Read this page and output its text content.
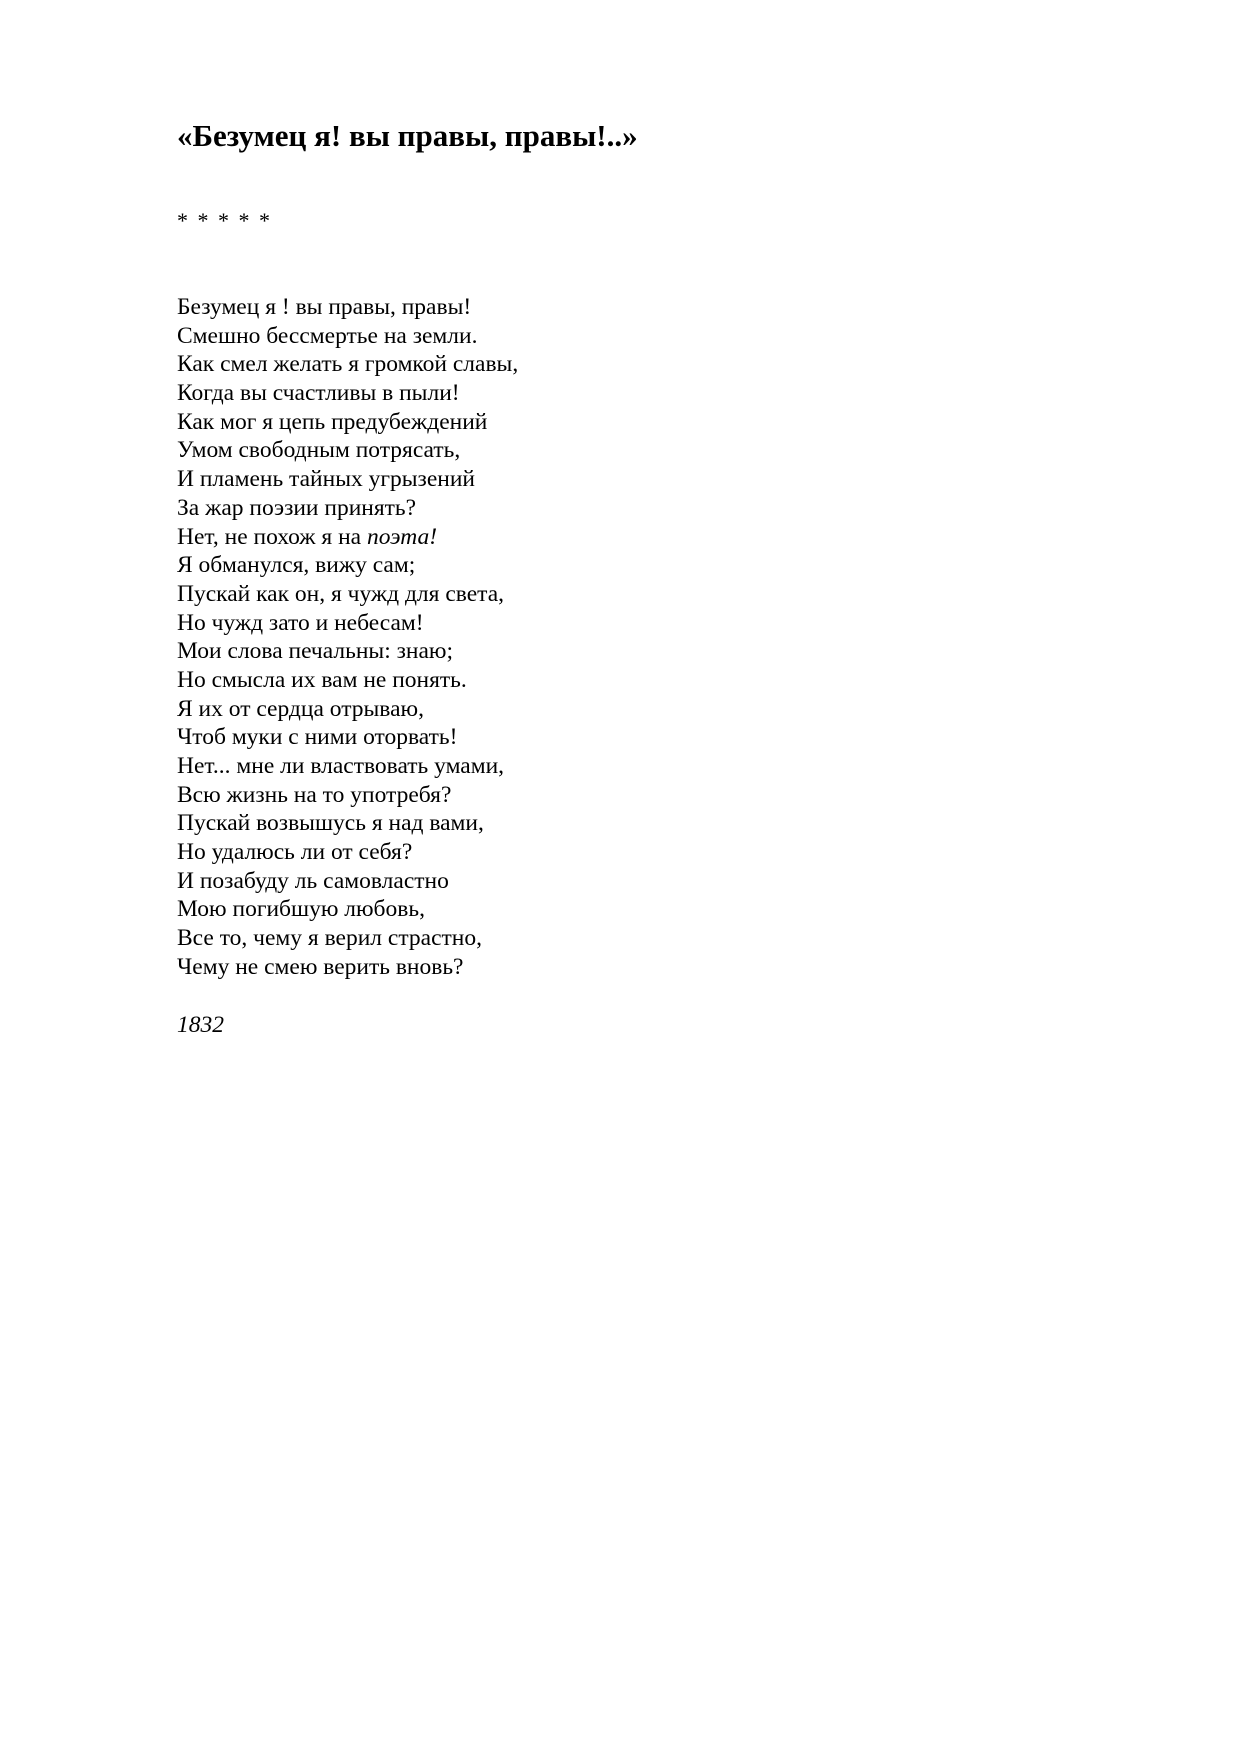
«Безумец я! вы правы, правы!..»

* * * * *

Безумец я ! вы правы, правы!
Смешно бессмертье на земли.
Как смел желать я громкой славы,
Когда вы счастливы в пыли!
Как мог я цепь предубеждений
Умом свободным потрясать,
И пламень тайных угрызений
За жар поэзии принять?
Нет, не похож я на поэта!
Я обманулся, вижу сам;
Пускай как он, я чужд для света,
Но чужд зато и небесам!
Мои слова печальны: знаю;
Но смысла их вам не понять.
Я их от сердца отрываю,
Чтоб муки с ними оторвать!
Нет... мне ли властвовать умами,
Всю жизнь на то употребя?
Пускай возвышусь я над вами,
Но удалюсь ли от себя?
И позабуду ль самовластно
Мою погибшую любовь,
Все то, чему я верил страстно,
Чему не смею верить вновь?

1832
